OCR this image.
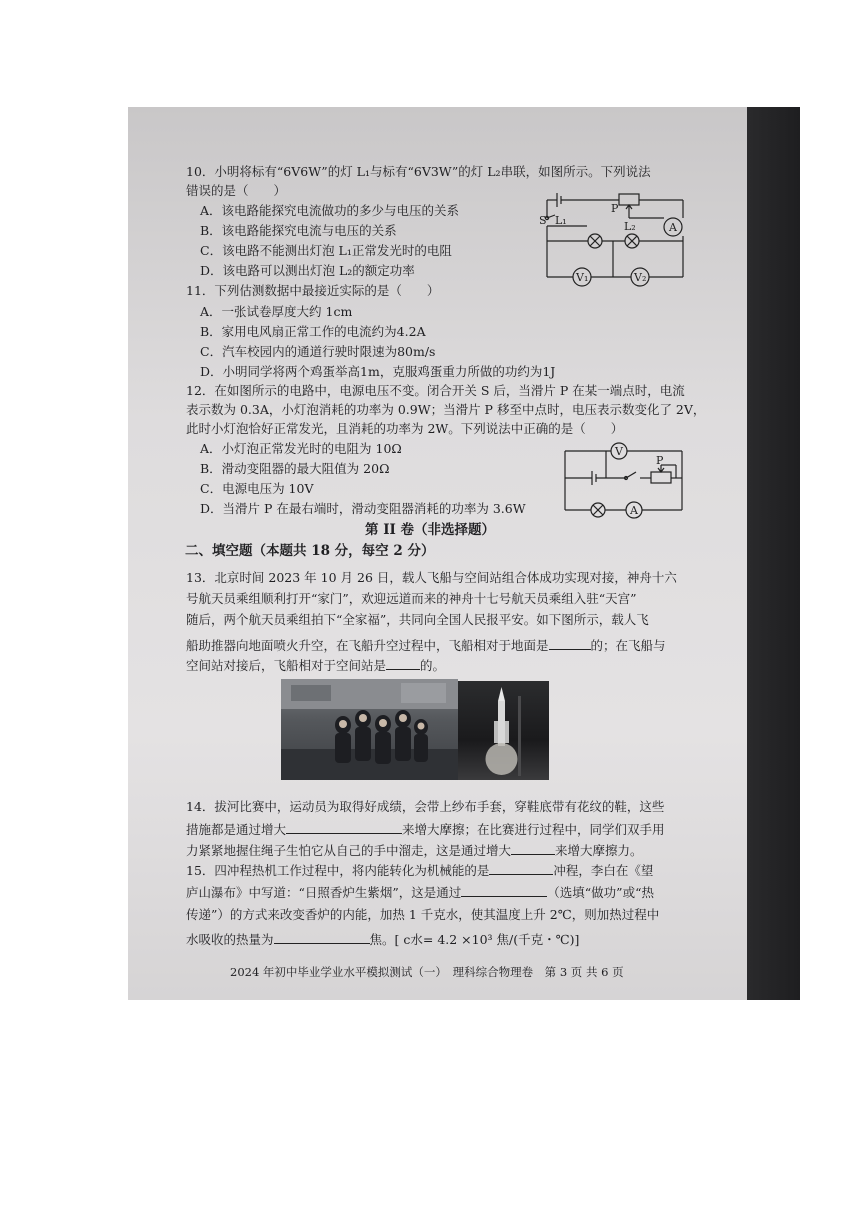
10．小明将标有“6V6W”的灯 L₁与标有“6V3W”的灯 L₂串联，如图所示。下列说法
错误的是（　　）
A．该电路能探究电流做功的多少与电压的关系
B．该电路能探究电流与电压的关系
C．该电路不能测出灯泡 L₁正常发光时的电阻
D．该电路可以测出灯泡 L₂的额定功率
S L₁	L₂
P
A
V₁	V₂
11．下列估测数据中最接近实际的是（　　）
A．一张试卷厚度大约 1cm
B．家用电风扇正常工作的电流约为4.2A
C．汽车校园内的通道行驶时限速为80m/s
D．小明同学将两个鸡蛋举高1m，克服鸡蛋重力所做的功约为1J
12．在如图所示的电路中，电源电压不变。闭合开关 S 后，当滑片 P 在某一端点时，电流
表示数为 0.3A，小灯泡消耗的功率为 0.9W；当滑片 P 移至中点时，电压表示数变化了 2V，
此时小灯泡恰好正常发光，且消耗的功率为 2W。下列说法中正确的是（　　）
A．小灯泡正常发光时的电阻为 10Ω
B．滑动变阻器的最大阻值为 20Ω
C．电源电压为 10V
D．当滑片 P 在最右端时，滑动变阻器消耗的功率为 3.6W
V
P
A
第 II 卷（非选择题）
二、填空题（本题共 18 分，每空 2 分）
13．北京时间 2023 年 10 月 26 日，载人飞船与空间站组合体成功实现对接，神舟十六
号航天员乘组顺利打开“家门”，欢迎远道而来的神舟十七号航天员乘组入驻“天宫”
随后，两个航天员乘组拍下“全家福”，共同向全国人民报平安。如下图所示，载人飞
船助推器向地面喷火升空，在飞船升空过程中，飞船相对于地面是	的；在飞船与
空间站对接后，飞船相对于空间站是	的。
14．拔河比赛中，运动员为取得好成绩，会带上纱布手套，穿鞋底带有花纹的鞋，这些
措施都是通过增大	来增大摩擦；在比赛进行过程中，同学们双手用
力紧紧地握住绳子生怕它从自己的手中溜走，这是通过增大	来增大摩擦力。
15．四冲程热机工作过程中，将内能转化为机械能的是	冲程，李白在《望
庐山瀑布》中写道：“日照香炉生紫烟”，这是通过	（选填“做功”或“热
传递”）的方式来改变香炉的内能，加热 1 千克水，使其温度上升 2℃，则加热过程中
水吸收的热量为	焦。[ c水= 4.2 ×10³ 焦/(千克・℃)]
2024 年初中毕业学业水平模拟测试（一）　理科综合物理卷　第 3 页 共 6 页
